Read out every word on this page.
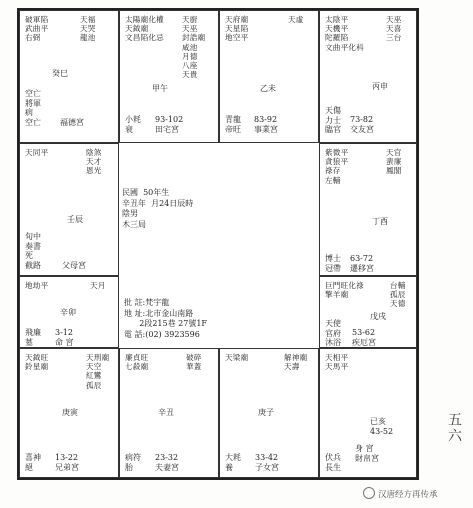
破軍陷
武曲平
右弼
天福
天哭
龍池
癸巳
空亡
將軍
病
空亡 福德宮
太陽廟化權
天鉞廟
文昌陷化忌
天廚
天巫
封誥廟
咸池
月德
八座
天貴
甲午
小耗
衰
93-102
田宅宮
天府廟
天星陷
地空平
天虛
乙未
青龍
帝旺
83-92
事業宮
太陰平
天機平
陀羅陷
文曲平化科
天巫
天喜
三台
丙申
天傷
力士
臨官
73-82
交友宮
天同平	陰煞
天才
恩光
壬辰
旬中
奏書
死
截路	父母宮
民國  50年生
辛丑年  月24日辰時
陰男
木三局
批 註:梵宇龍
地 址:北市金山南路
2段215巷 27號1F
電 話:(02) 3923596
紫微平
貪狼平
祿存
左輔
天官
蜚廉
鳳閣
丁酉
博士
冠帶
63-72
遷移宮
地劫平	天月
辛卯
飛廉
墓
3-12
命 宮
巨門旺化祿
擎羊廟
台輔
孤辰
天德
戊戌
天使
官府
沐浴
53-62
疾厄宮
天鉞旺
鈴星廟
天刑廟
天空
紅鸞
孤辰
庚寅
喜神
絕
13-22
兄弟宮
廉貞旺
七殺廟
破碎
華蓋
辛丑
病符
胎
23-32
夫妻宮
天梁廟	解神廟
天壽
庚子
大耗
養
33-42
子女宮
天相平
天馬平
已亥
43-52
伏兵
長生
身 宮
財帛宮
五六
汉唐经方再传承
